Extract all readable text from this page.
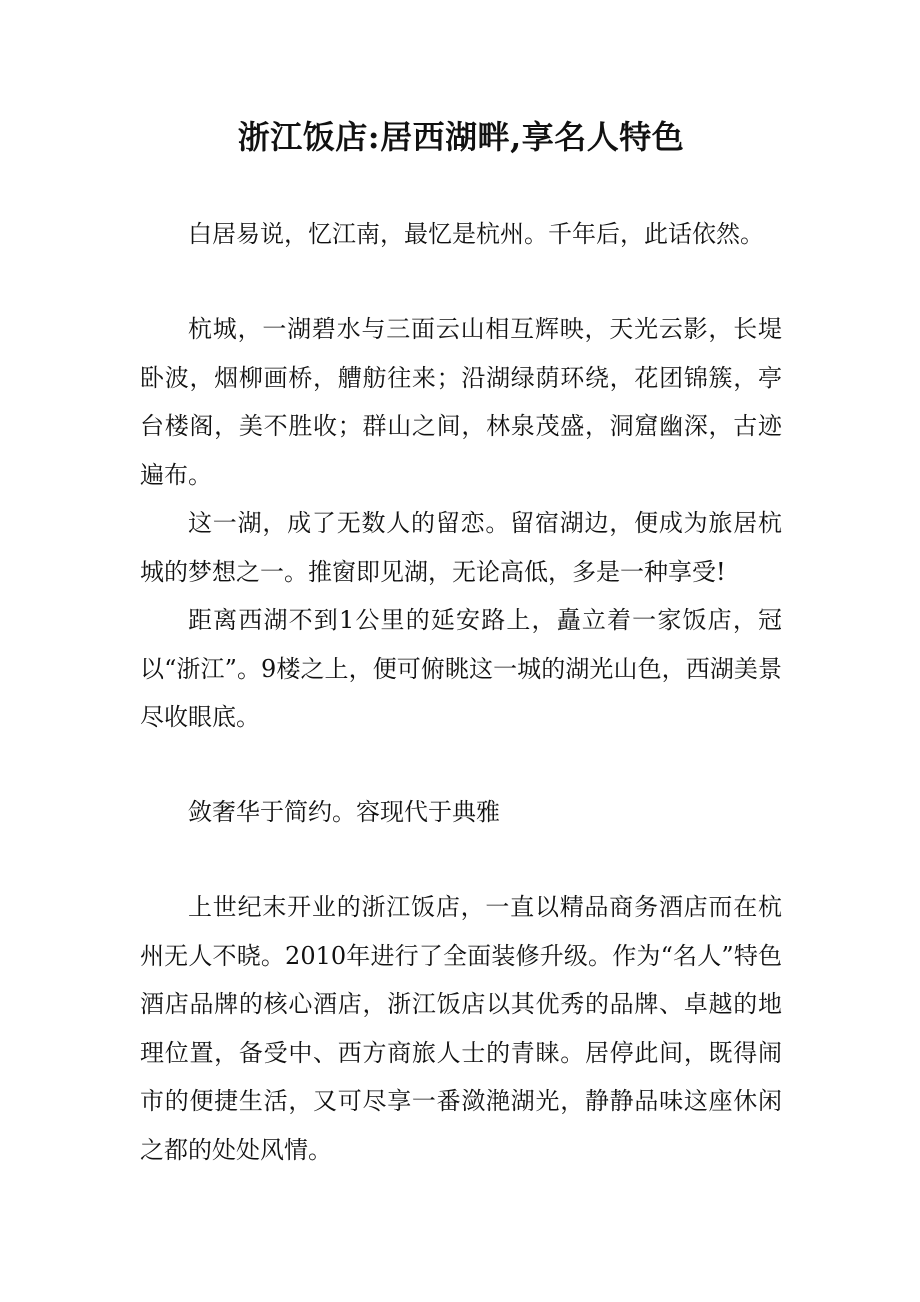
浙江饭店:居西湖畔,享名人特色

白居易说，忆江南，最忆是杭州。千年后，此话依然。

杭城，一湖碧水与三面云山相互辉映，天光云影，长堤卧波，烟柳画桥，艚舫往来；沿湖绿荫环绕，花团锦簇，亭台楼阁，美不胜收；群山之间，林泉茂盛，洞窟幽深，古迹遍布。

这一湖，成了无数人的留恋。留宿湖边，便成为旅居杭城的梦想之一。推窗即见湖，无论高低，多是一种享受!

距离西湖不到1公里的延安路上，矗立着一家饭店，冠以“浙江”。9楼之上，便可俯眺这一城的湖光山色，西湖美景尽收眼底。

敛奢华于简约。容现代于典雅

上世纪末开业的浙江饭店，一直以精品商务酒店而在杭州无人不晓。2010年进行了全面装修升级。作为“名人”特色酒店品牌的核心酒店，浙江饭店以其优秀的品牌、卓越的地理位置，备受中、西方商旅人士的青睐。居停此间，既得闹市的便捷生活，又可尽享一番潋滟湖光，静静品味这座休闲之都的处处风情。
